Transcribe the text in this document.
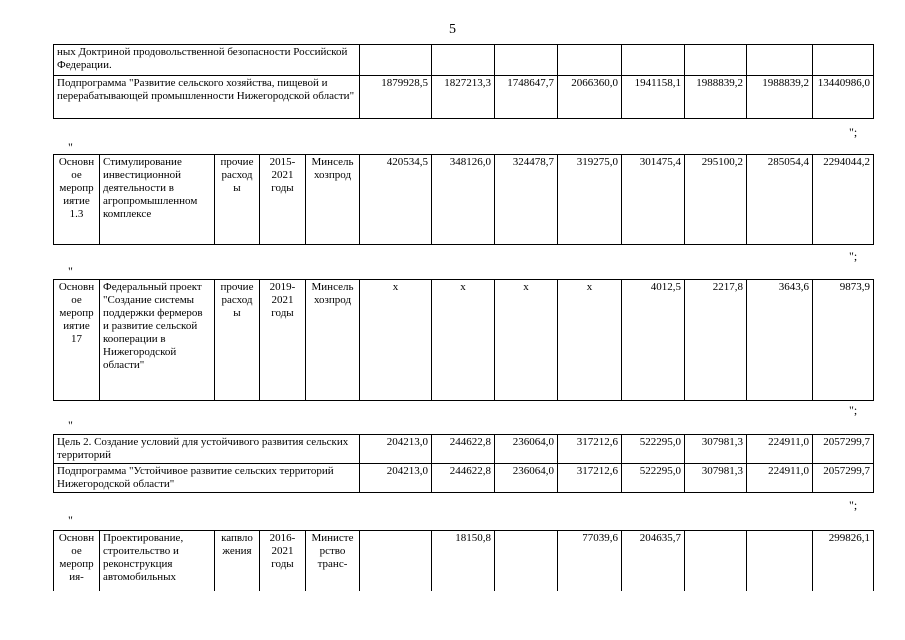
5
ных Доктриной продовольственной безопасности Российской Федерации.								
Подпрограмма "Развитие сельского хозяйства, пищевой и перерабатывающей промышленности Нижегородской области"	1879928,5	1827213,3	1748647,7	2066360,0	1941158,1	1988839,2	1988839,2	13440986,0
";
"
Основное мероприятие 1.3	Стимулирование инвестиционной деятельности в агропромышленном комплексе	прочие расходы	2015-2021 годы	Минсельхозпрод	420534,5	348126,0	324478,7	319275,0	301475,4	295100,2	285054,4	2294044,2
";
"
Основное мероприятие 17	Федеральный проект "Создание системы поддержки фермеров и развитие сельской кооперации в Нижегородской области"	прочие расходы	2019-2021 годы	Минсельхозпрод	x	x	x	x	4012,5	2217,8	3643,6	9873,9
";
"
Цель 2. Создание условий для устойчивого развития сельских территорий	204213,0	244622,8	236064,0	317212,6	522295,0	307981,3	224911,0	2057299,7
Подпрограмма "Устойчивое развитие сельских территорий Нижегородской области"	204213,0	244622,8	236064,0	317212,6	522295,0	307981,3	224911,0	2057299,7
";
"
Основное мероприя-	Проектирование, строительство и реконструкция автомобильных	капвложения	2016-2021 годы	Министерство транс-		18150,8		77039,6	204635,7			299826,1
